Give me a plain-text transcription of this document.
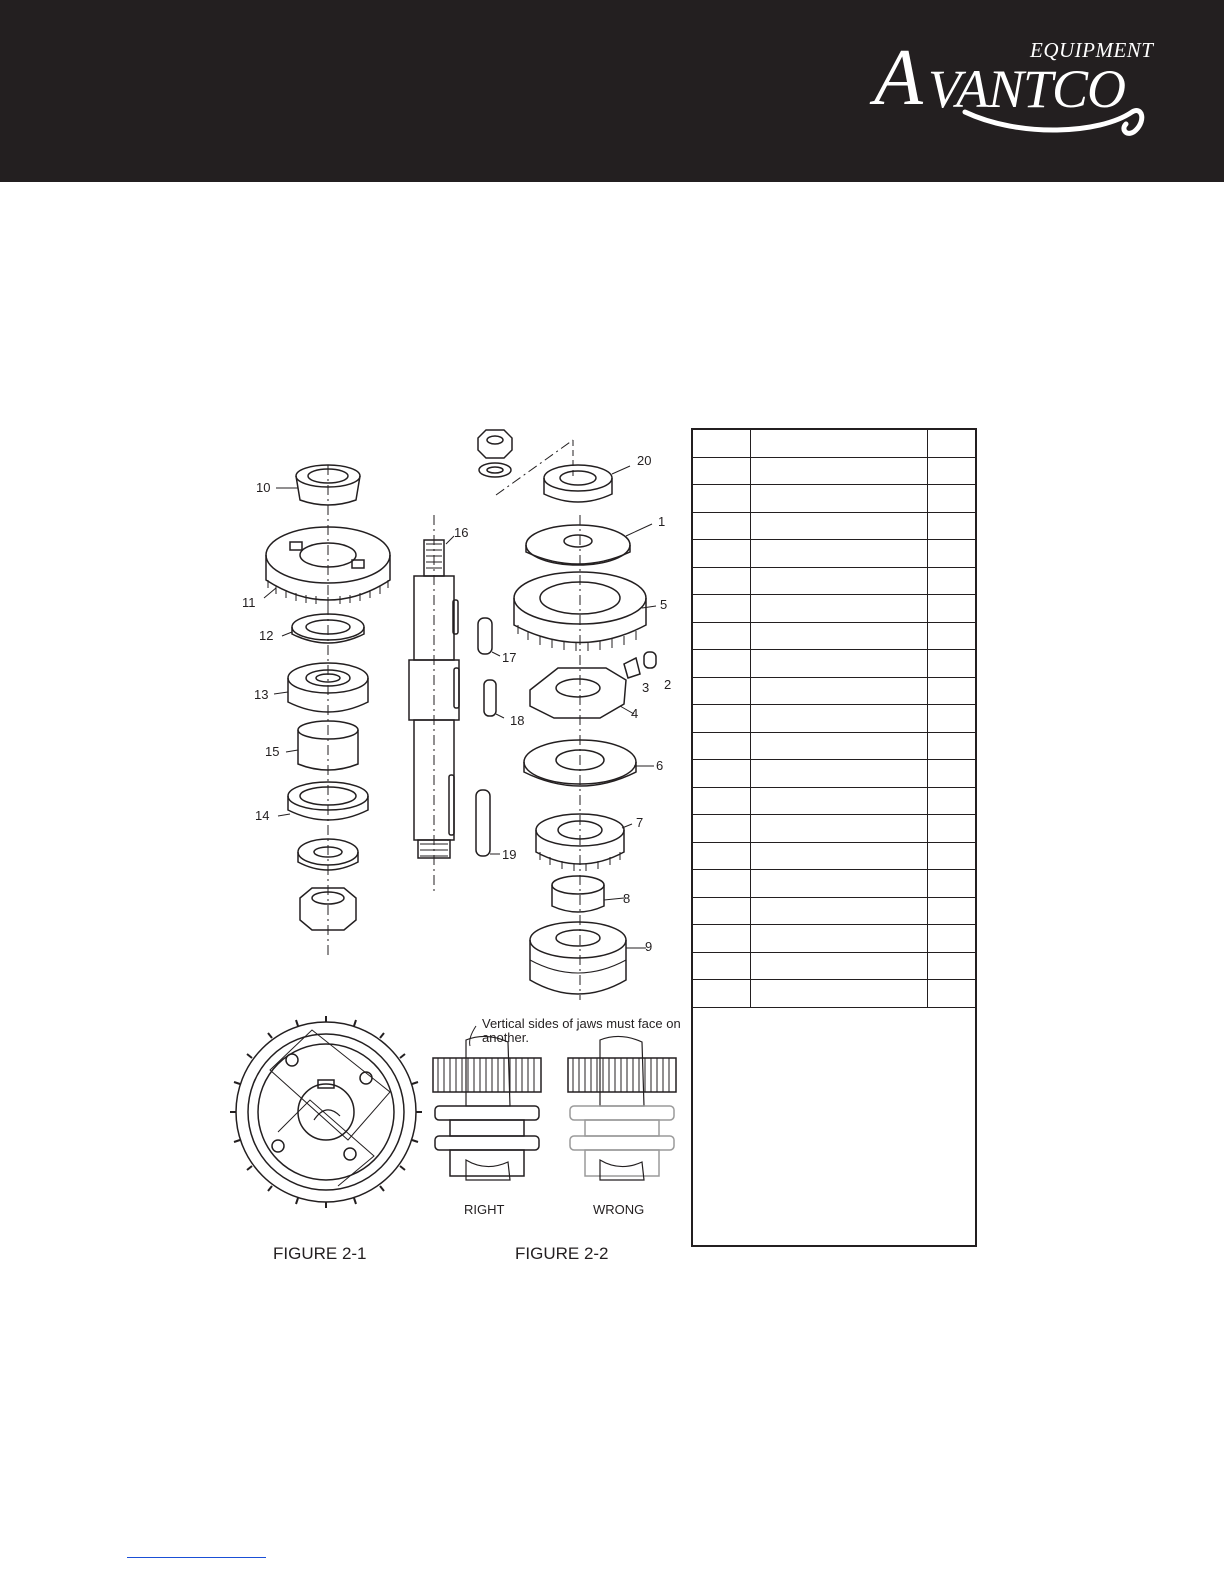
EQUIPMENT
A VANTCO
10
11
12
13
15
14
16
17
18
19
20
1
5
3 2
4
6
7
8
9
Vertical sides of jaws must face on another.
RIGHT	WRONG
FIGURE 2-1	FIGURE 2-2
